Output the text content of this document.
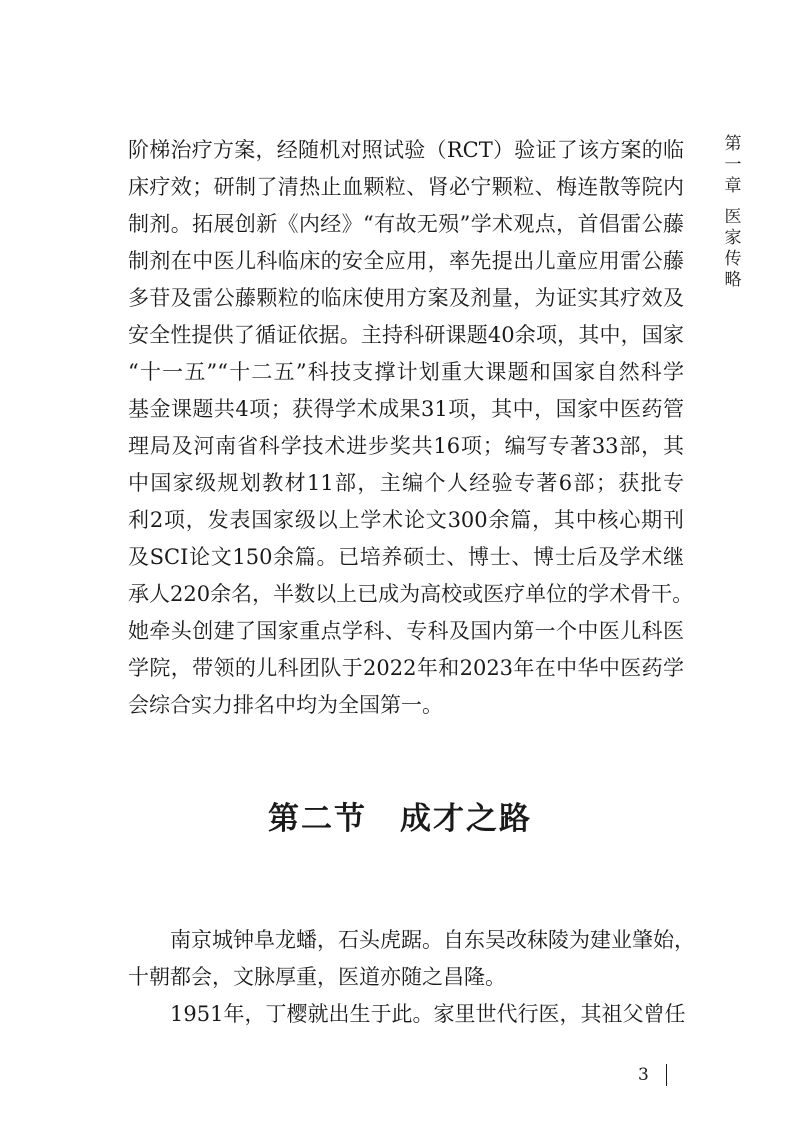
阶梯治疗方案，经随机对照试验（RCT）验证了该方案的临
床疗效；研制了清热止血颗粒、肾必宁颗粒、梅连散等院内
制剂。拓展创新《内经》“有故无殒”学术观点，首倡雷公藤
制剂在中医儿科临床的安全应用，率先提出儿童应用雷公藤
多苷及雷公藤颗粒的临床使用方案及剂量，为证实其疗效及
安全性提供了循证依据。主持科研课题40余项，其中，国家
“十一五”“十二五”科技支撑计划重大课题和国家自然科学
基金课题共4项；获得学术成果31项，其中，国家中医药管
理局及河南省科学技术进步奖共16项；编写专著33部，其
中国家级规划教材11部，主编个人经验专著6部；获批专
利2项，发表国家级以上学术论文300余篇，其中核心期刊
及SCI论文150余篇。已培养硕士、博士、博士后及学术继
承人220余名，半数以上已成为高校或医疗单位的学术骨干。
她牵头创建了国家重点学科、专科及国内第一个中医儿科医
学院，带领的儿科团队于2022年和2023年在中华中医药学
会综合实力排名中均为全国第一。
第二节　成才之路
　　南京城钟阜龙蟠，石头虎踞。自东吴改秣陵为建业肇始，
十朝都会，文脉厚重，医道亦随之昌隆。
　　1951年，丁樱就出生于此。家里世代行医，其祖父曾任
第
一
章
医
家
传
略
3
